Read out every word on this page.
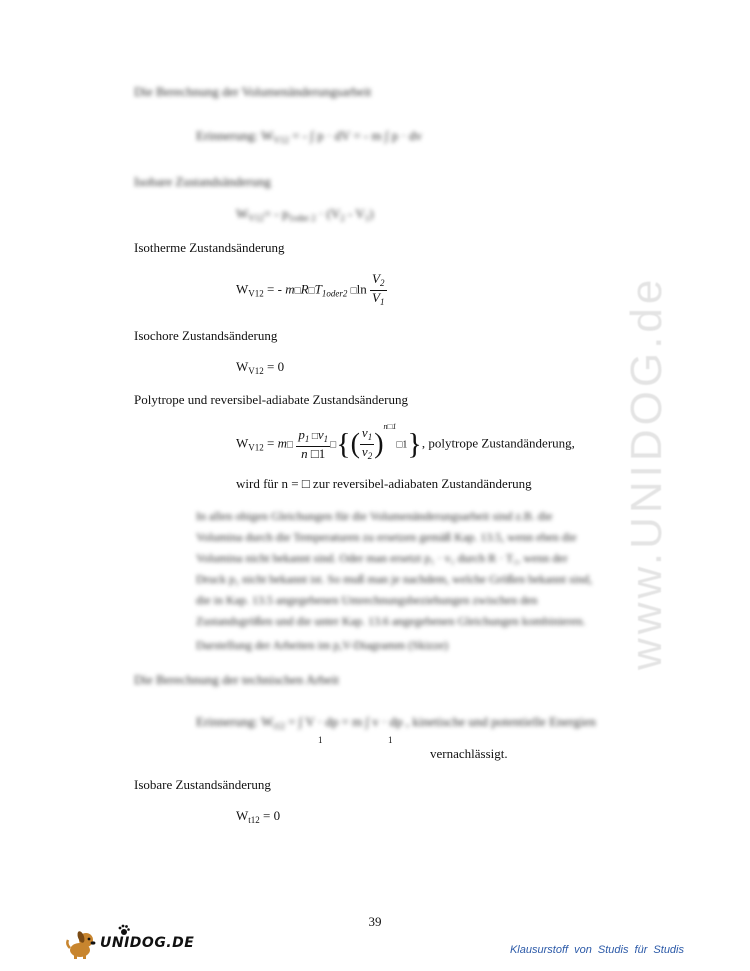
www.UNIDOG.de
Die Berechnung der Volumenänderungsarbeit
Erinnerung: $W_{V12}$ = - ∫ p · dV = - m ∫ p · dv
Isobare Zustandsänderung
$W_{V12}= - p_{1oder 2} \cdot (V_2 - V_1)$
Isotherme Zustandsänderung
$W_{V12}$ = - $m□R□T_{1oder2}$ □ln $\frac{V_2}{V_1}$
Isochore Zustandsänderung
$W_{V12} = 0$
Polytrope und reversibel-adiabate Zustandsänderung
$W_{V12}$ = m□ $\frac{p_1 □v_1}{n □1}$ □{( $\frac{v_1}{v_2}$ )$^{n□1}$□1}, polytrope Zustandänderung,
wird für n = □ zur reversibel-adiabaten Zustandänderung
In allen obigen Gleichungen für die Volumenänderungsarbeit sind z.B. die Volumina durch die Temperaturen zu ersetzen gemäß Kap. 13.5, wenn eben die Volumina nicht bekannt sind. Oder man ersetzt p₁ · v₁ durch R · T₁, wenn der Druck p₁ nicht bekannt ist. So muß man je nachdem, welche Größen bekannt sind, die in Kap. 13.5 angegebenen Umrechnungsbeziehungen zwischen den Zustandsgrößen und die unter Kap. 13.6 angegebenen Gleichungen kombinieren.
Darstellung der Arbeiten im p,V-Diagramm (Skizze)
Die Berechnung der technischen Arbeit
Erinnerung: $W_{t12}$ = ∫ V · dp = m ∫ v · dp , kinetische und potentielle Energien
1	1
vernachlässigt.
Isobare Zustandsänderung
$W_{t12} = 0$
39
UNIDOG.DE	Klausurstoff von Studis für Studis
